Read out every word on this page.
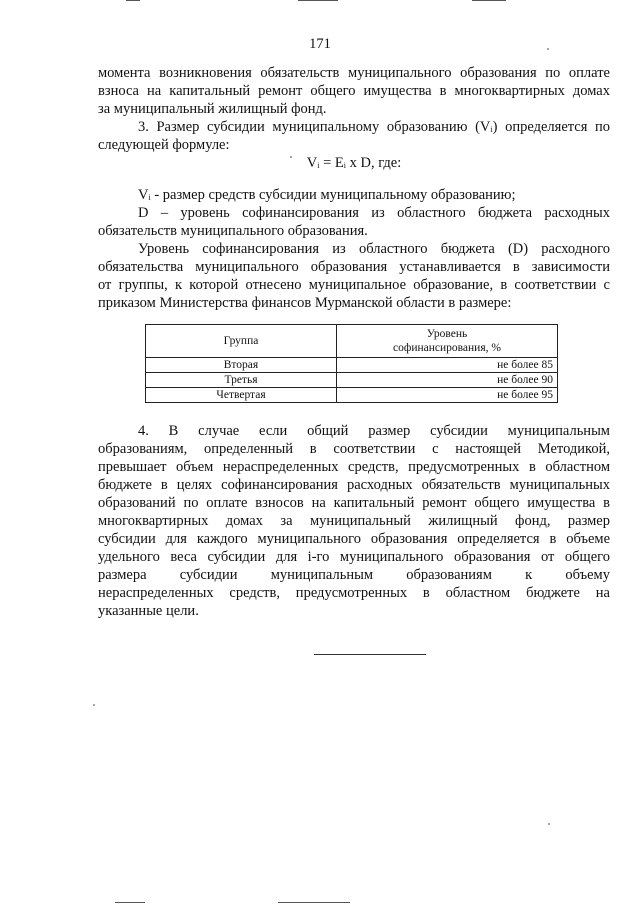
171
момента возникновения обязательств муниципального образования по оплате
взноса на капитальный ремонт общего имущества в многоквартирных домах
за муниципальный жилищный фонд.
3. Размер субсидии муниципальному образованию $(V_i)$ определяется по
следующей формуле:
$V_i = E_i$ x D, где:
$V_i$ - размер средств субсидии муниципальному образованию;
D – уровень софинансирования из областного бюджета расходных
обязательств муниципального образования.
Уровень софинансирования из областного бюджета (D) расходного
обязательства муниципального образования устанавливается в зависимости
от группы, к которой отнесено муниципальное образование, в соответствии с
приказом Министерства финансов Мурманской области в размере:
Группа	Уровень
софинансирования, %
Вторая	не более 85
Третья	не более 90
Четвертая	не более 95
4. В случае если общий размер субсидии муниципальным
образованиям, определенный в соответствии с настоящей Методикой,
превышает объем нераспределенных средств, предусмотренных в областном
бюджете в целях софинансирования расходных обязательств муниципальных
образований по оплате взносов на капитальный ремонт общего имущества в
многоквартирных домах за муниципальный жилищный фонд, размер
субсидии для каждого муниципального образования определяется в объеме
удельного веса субсидии для i-го муниципального образования от общего
размера субсидии муниципальным образованиям к объему
нераспределенных средств, предусмотренных в областном бюджете на
указанные цели.
